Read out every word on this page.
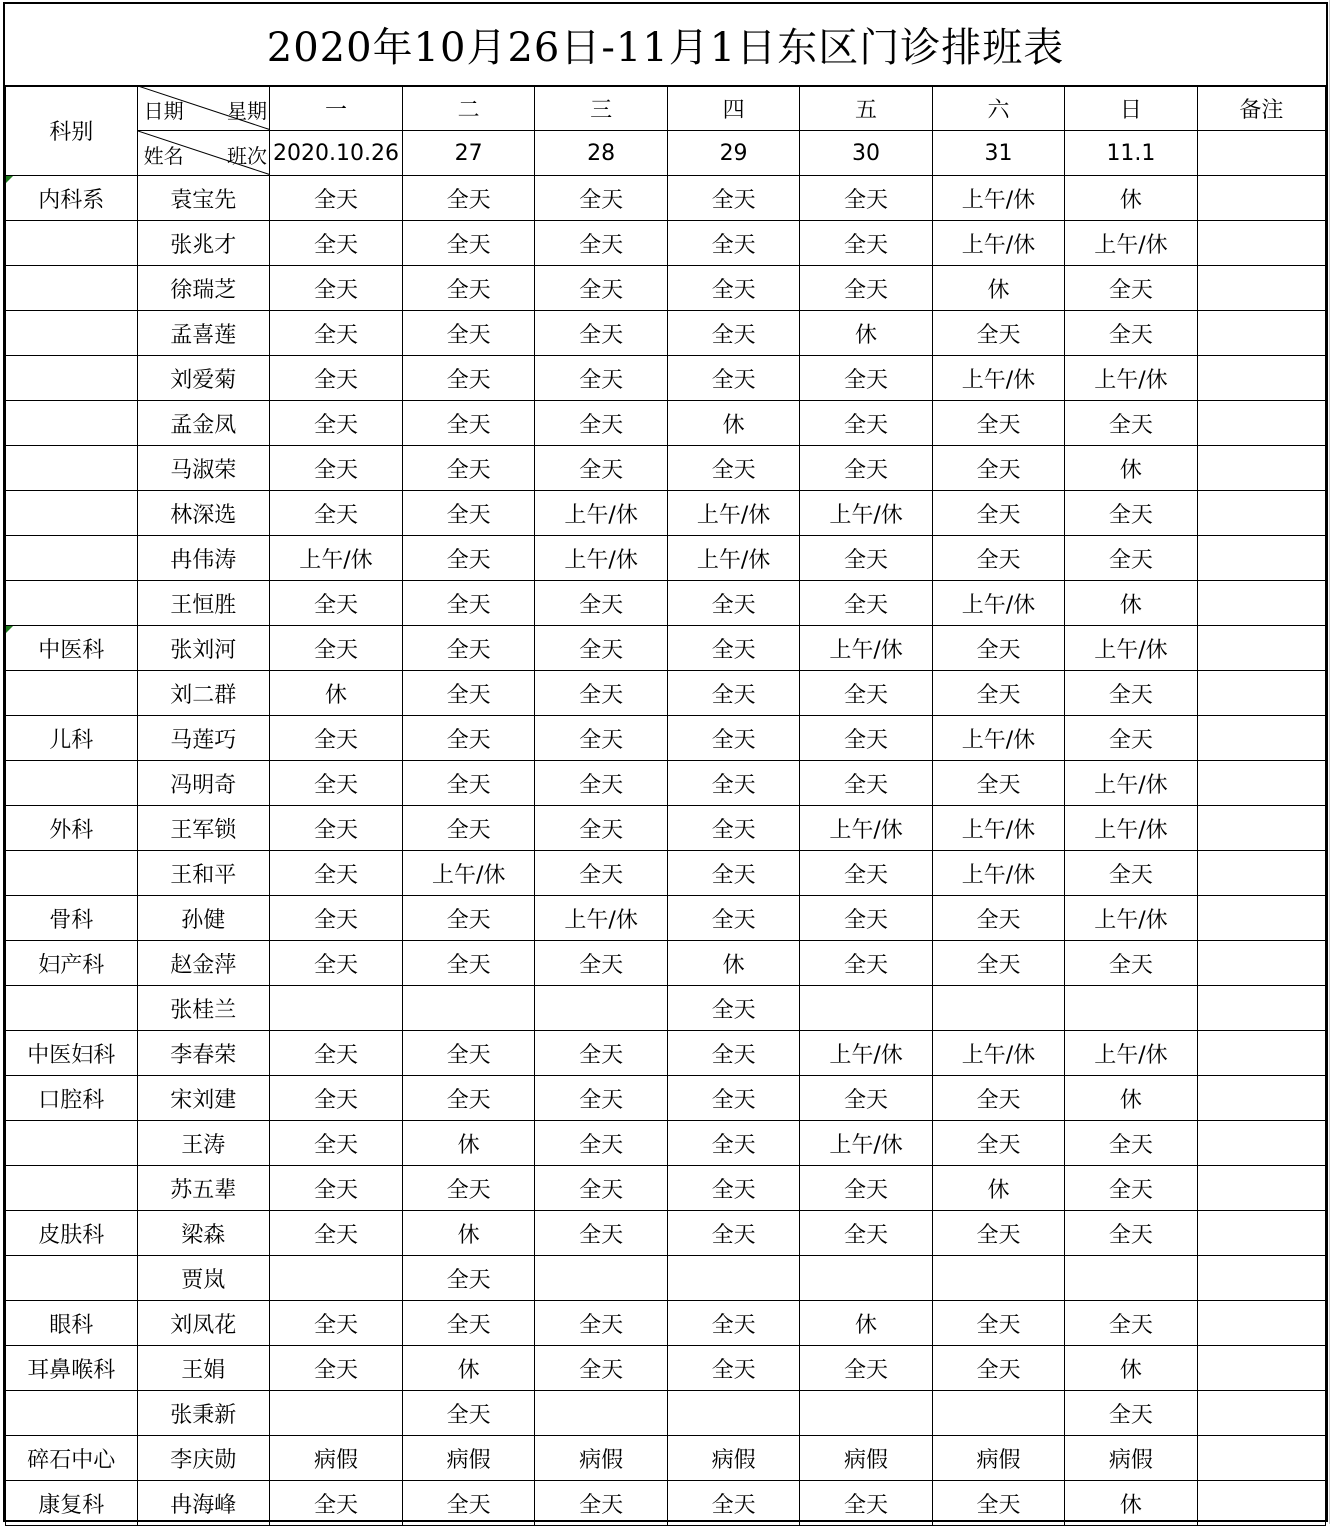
2020年10月26日-11月1日东区门诊排班表
科别	日期 星期	一	二	三	四	五	六	日	备注

	姓名 班次	2020.10.26	27	28	29	30	31	11.1	

内科系	袁宝先	全天	全天	全天	全天	全天	上午/休	休	
	张兆才	全天	全天	全天	全天	全天	上午/休	上午/休	
	徐瑞芝	全天	全天	全天	全天	全天	休	全天	
	孟喜莲	全天	全天	全天	全天	休	全天	全天	
	刘爱菊	全天	全天	全天	全天	全天	上午/休	上午/休	
	孟金凤	全天	全天	全天	休	全天	全天	全天	
	马淑荣	全天	全天	全天	全天	全天	全天	休	
	林深选	全天	全天	上午/休	上午/休	上午/休	全天	全天	
	冉伟涛	上午/休	全天	上午/休	上午/休	全天	全天	全天	
	王恒胜	全天	全天	全天	全天	全天	上午/休	休	

中医科	张刘河	全天	全天	全天	全天	上午/休	全天	上午/休	
	刘二群	休	全天	全天	全天	全天	全天	全天	
儿科	马莲巧	全天	全天	全天	全天	全天	上午/休	全天	
	冯明奇	全天	全天	全天	全天	全天	全天	上午/休	
外科	王军锁	全天	全天	全天	全天	上午/休	上午/休	上午/休	
	王和平	全天	上午/休	全天	全天	全天	上午/休	全天	
骨科	孙健	全天	全天	上午/休	全天	全天	全天	上午/休	
妇产科	赵金萍	全天	全天	全天	休	全天	全天	全天	
	张桂兰				全天				
中医妇科	李春荣	全天	全天	全天	全天	上午/休	上午/休	上午/休	
口腔科	宋刘建	全天	全天	全天	全天	全天	全天	休	
	王涛	全天	休	全天	全天	上午/休	全天	全天	
	苏五辈	全天	全天	全天	全天	全天	休	全天	
皮肤科	梁森	全天	休	全天	全天	全天	全天	全天	
	贾岚		全天						
眼科	刘凤花	全天	全天	全天	全天	休	全天	全天	
耳鼻喉科	王娟	全天	休	全天	全天	全天	全天	休	
	张秉新		全天					全天	
碎石中心	李庆勋	病假	病假	病假	病假	病假	病假	病假	
康复科	冉海峰	全天	全天	全天	全天	全天	全天	休	
